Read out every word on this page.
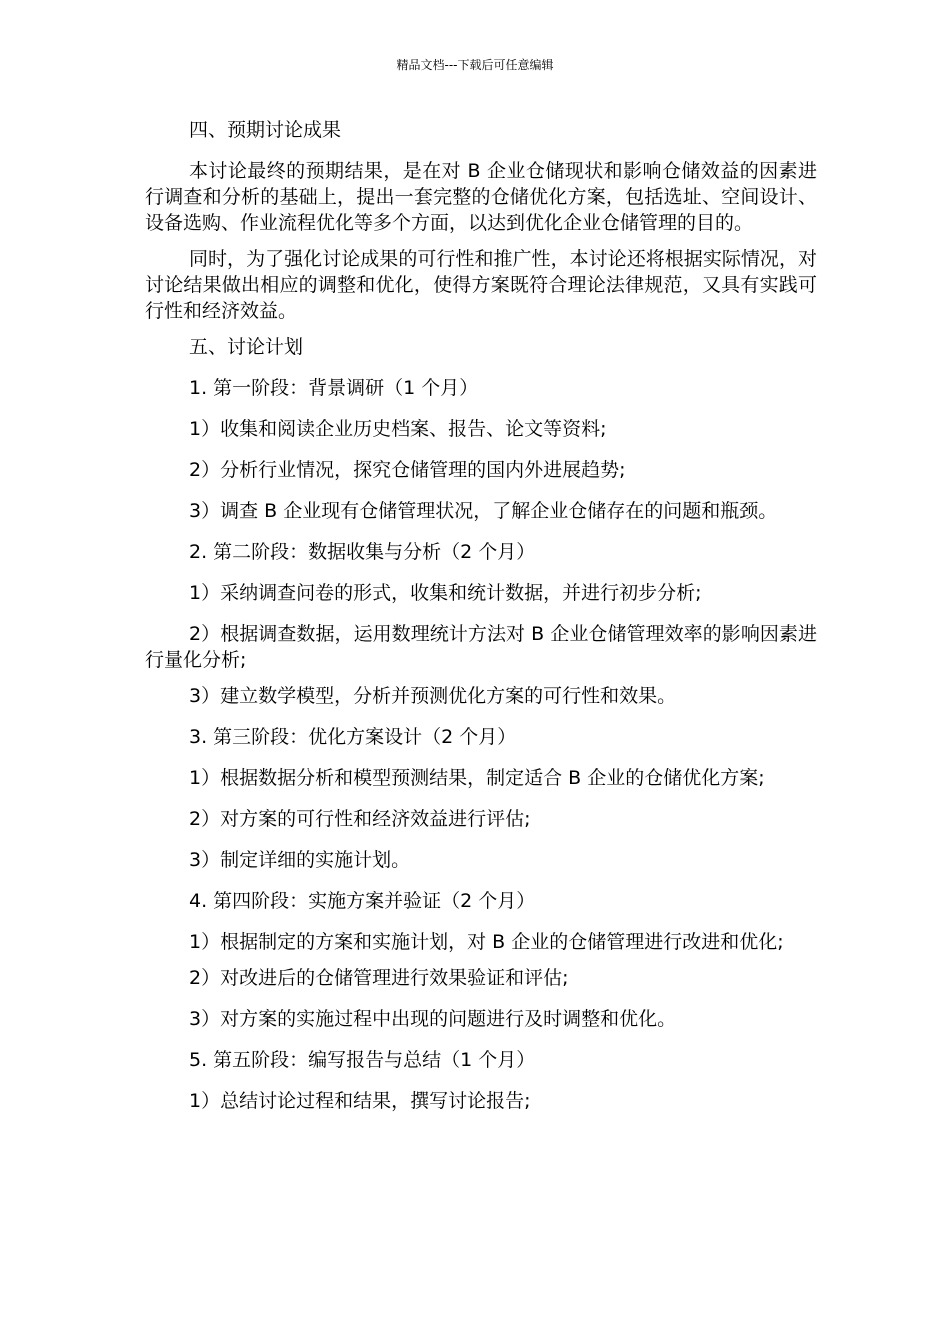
精品文档---下载后可任意编辑

四、预期讨论成果

本讨论最终的预期结果，是在对 B 企业仓储现状和影响仓储效益的因素进行调查和分析的基础上，提出一套完整的仓储优化方案，包括选址、空间设计、设备选购、作业流程优化等多个方面，以达到优化企业仓储管理的目的。

同时，为了强化讨论成果的可行性和推广性，本讨论还将根据实际情况，对讨论结果做出相应的调整和优化，使得方案既符合理论法律规范，又具有实践可行性和经济效益。

五、讨论计划

1. 第一阶段：背景调研（1 个月）

1）收集和阅读企业历史档案、报告、论文等资料;

2）分析行业情况，探究仓储管理的国内外进展趋势;

3）调查 B 企业现有仓储管理状况，了解企业仓储存在的问题和瓶颈。

2. 第二阶段：数据收集与分析（2 个月）

1）采纳调查问卷的形式，收集和统计数据，并进行初步分析;

2）根据调查数据，运用数理统计方法对 B 企业仓储管理效率的影响因素进行量化分析;

3）建立数学模型，分析并预测优化方案的可行性和效果。

3. 第三阶段：优化方案设计（2 个月）

1）根据数据分析和模型预测结果，制定适合 B 企业的仓储优化方案;

2）对方案的可行性和经济效益进行评估;

3）制定详细的实施计划。

4. 第四阶段：实施方案并验证（2 个月）

1）根据制定的方案和实施计划，对 B 企业的仓储管理进行改进和优化;

2）对改进后的仓储管理进行效果验证和评估;

3）对方案的实施过程中出现的问题进行及时调整和优化。

5. 第五阶段：编写报告与总结（1 个月）

1）总结讨论过程和结果，撰写讨论报告;
